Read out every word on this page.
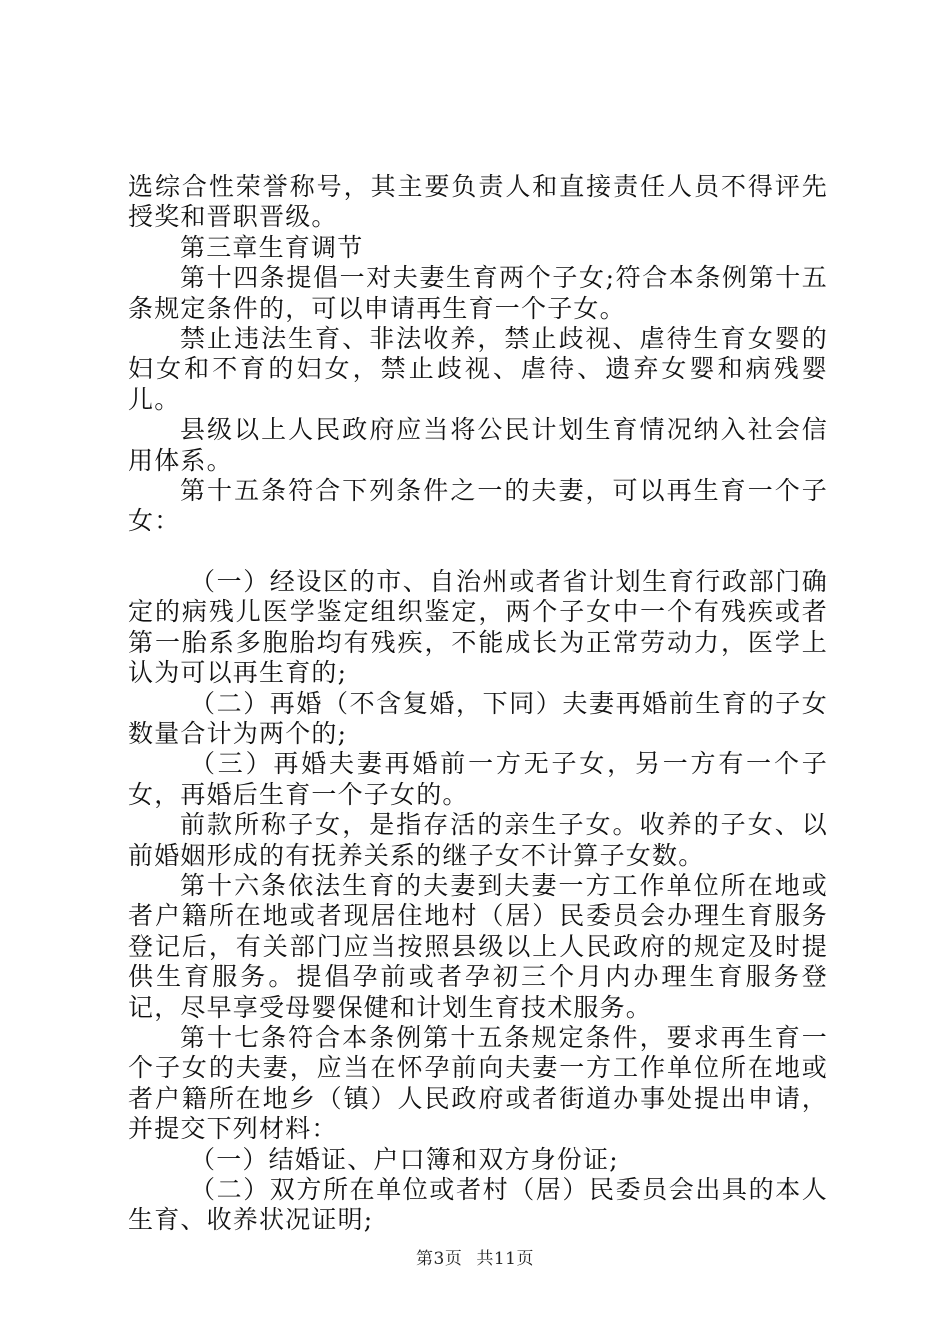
选综合性荣誉称号，其主要负责人和直接责任人员不得评先授奖和晋职晋级。

第三章生育调节

第十四条提倡一对夫妻生育两个子女;符合本条例第十五条规定条件的，可以申请再生育一个子女。

禁止违法生育、非法收养，禁止歧视、虐待生育女婴的妇女和不育的妇女，禁止歧视、虐待、遗弃女婴和病残婴儿。

县级以上人民政府应当将公民计划生育情况纳入社会信用体系。

第十五条符合下列条件之一的夫妻，可以再生育一个子女：

（一）经设区的市、自治州或者省计划生育行政部门确定的病残儿医学鉴定组织鉴定，两个子女中一个有残疾或者第一胎系多胞胎均有残疾，不能成长为正常劳动力，医学上认为可以再生育的;

（二）再婚（不含复婚，下同）夫妻再婚前生育的子女数量合计为两个的;

（三）再婚夫妻再婚前一方无子女，另一方有一个子女，再婚后生育一个子女的。

前款所称子女，是指存活的亲生子女。收养的子女、以前婚姻形成的有抚养关系的继子女不计算子女数。

第十六条依法生育的夫妻到夫妻一方工作单位所在地或者户籍所在地或者现居住地村（居）民委员会办理生育服务登记后，有关部门应当按照县级以上人民政府的规定及时提供生育服务。提倡孕前或者孕初三个月内办理生育服务登记，尽早享受母婴保健和计划生育技术服务。

第十七条符合本条例第十五条规定条件，要求再生育一个子女的夫妻，应当在怀孕前向夫妻一方工作单位所在地或者户籍所在地乡（镇）人民政府或者街道办事处提出申请，并提交下列材料：

（一）结婚证、户口簿和双方身份证;

（二）双方所在单位或者村（居）民委员会出具的本人生育、收养状况证明;

第3页 共11页
